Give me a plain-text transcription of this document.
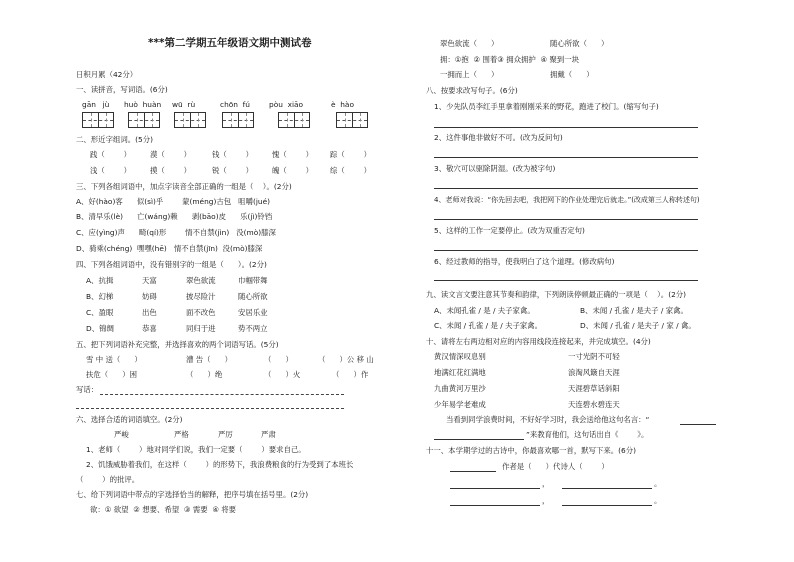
***第二学期五年级语文期中测试卷
日积月累（42分）
一、读拼音，写词语。(6分)
gān  jù huò  huàn wū  rù	chōn  fú	pòu  xiāo	è  hào
二、形近字组词。(5分)
践（        ）	漠（        ）	钱（        ）	愧（        ） 踪（        ）
浅（        ）	摸（        ）	锐（        ）	魄（        ） 综（        ）
三、下列各组词语中，加点字读音全部正确的一组是（    ）。(2分)
A、好(hào)客      似(sì)乎        蒙(méng)古包   咀嚼(jué)
B、清早乐(lè)      亡(wáng)赖      剥(bāo)皮      乐(jì)铃铛
C、应(yìng)声      畸(qí)形        情不自禁(jìn)   没(mò)膝深
D、骑乘(chéng)  嘿嘿(hē)   情不自禁(jīn)  没(mò)膝深
四、下列各组词语中，没有错别字的一组是（      ）。(2分)
A、抗揖	天富	翠色欲流	巾帼带舞
B、幻梯	妨碍	披尽险汁	随心所欲
C、盈眼	出色	面不改色	安居乐业
D、锦绸	恭喜	同归于进	势不两立
五、把下列词语补充完整，并选择喜欢的两个词语写话。(5分)
雪 中 送（      ）	漕 告（      ）	（      ）	（      ）公 移 山
扶危（      ）困	（      ）绝	（      ）火	（      ）作
写话：
六、选择合适的词语填空。(2分)
严峻	严格	严厉	严肃
1、老师（        ）地对同学们说，我们一定要（        ）要求自己。
2、饥饿威胁着我们，在这样（        ）的形势下，我浪费粮食的行为受到了本班长
（        ）的批评。
七、给下列词语中带点的字选择恰当的解释，把序号填在括号里。(2分)
欲：① 欲望  ② 想要、希望  ③ 需要  ④ 将要
翠色欲流（      ）	随心所欲（      ）
拥：①抱  ② 围着③ 拥众拥护  ④ 聚到一块
一拥而上（      ）	拥戴（      ）
八、按要求改写句子。(6分)
1、少先队员李红手里拿着刚刚采来的野花，跑进了校门。(缩写句子)
2、这件事他非做好不可。(改为反问句)
3、敬穴可以驱除阴湿。(改为被字句)
4、老师对我说：“你先回去吧，我把网下的作业处理完后就走。”(改成第三人称转述句)
5、这样的工作一定要停止。(改为双重否定句)
6、经过教师的指导，使我明白了这个道理。(修改病句)
九、读文言文要注意其节奏和韵律，下列朗读停顿最正确的一项是（    ）。(2分)
A、未闻孔雀 / 是 / 夫子家禽。	B、未闻 / 孔雀 / 是夫子 / 家禽。
C、未闻 / 孔雀 / 是 / 夫子家禽。	D、未闻 / 孔雀 / 是夫子 / 家 / 禽。
十、请将左右两边相对应的内容用线段连接起来，并完成填空。(4分)
黄汉情深叹息别	一寸光阴不可轻
地满红花红满地	浪淘风簸自天涯
九曲黄河万里沙	天涯碧草话斜阳
少年易学老难成	天连碧水碧连天
当看到同学浪费时间，不好好学习时，我会送给他这句名言：“
”来教育他们，这句话出自《        》。
十一、本学期学过的古诗中，你最喜欢哪一首，默写下来。(6分)
作者是（      ）代诗人（        ）
，	。
，	。
